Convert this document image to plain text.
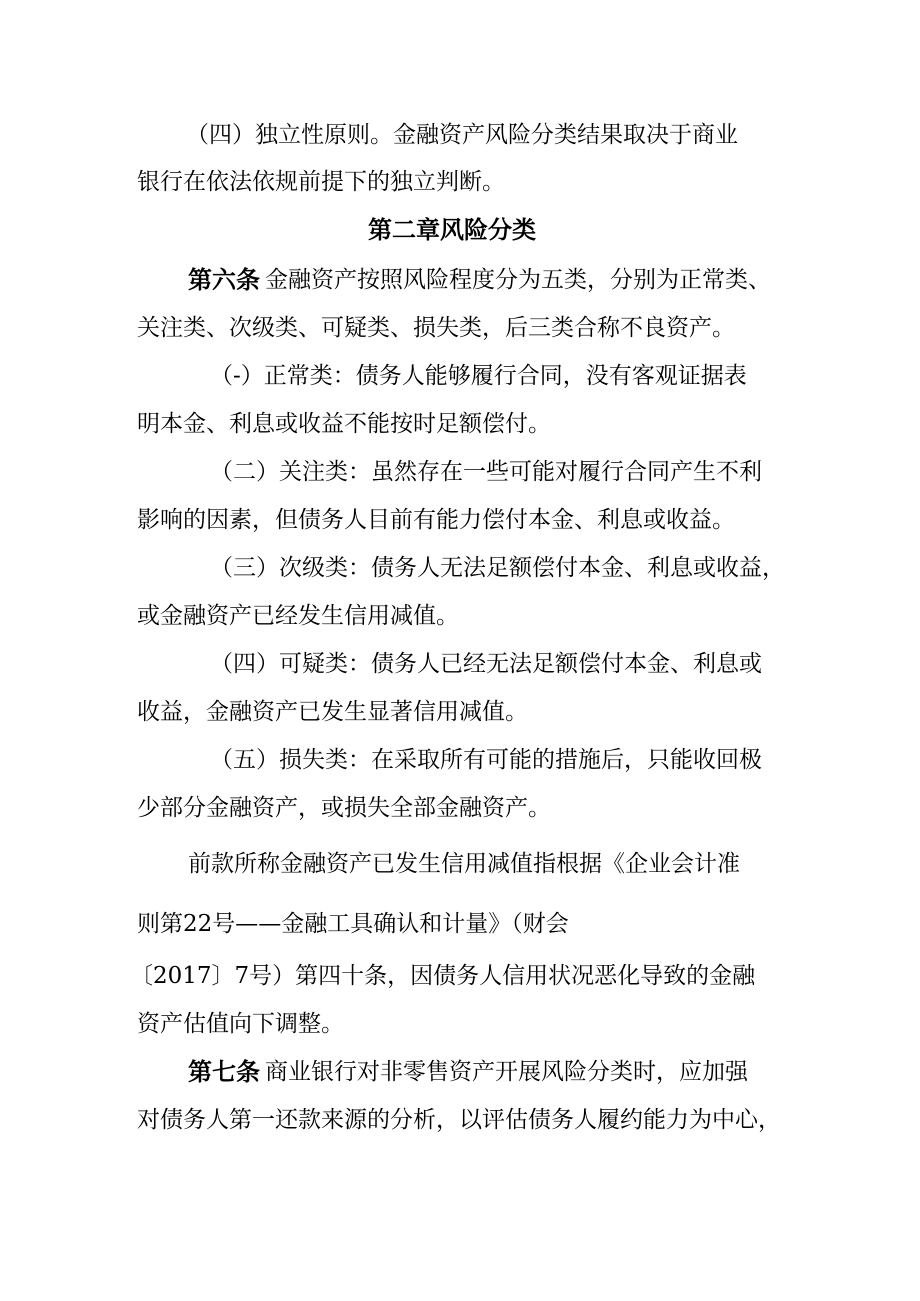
（四）独立性原则。金融资产风险分类结果取决于商业
银行在依法依规前提下的独立判断。
第二章风险分类
第六条 金融资产按照风险程度分为五类，分别为正常类、
关注类、次级类、可疑类、损失类，后三类合称不良资产。
（-）正常类：债务人能够履行合同，没有客观证据表
明本金、利息或收益不能按时足额偿付。
（二）关注类：虽然存在一些可能对履行合同产生不利
影响的因素，但债务人目前有能力偿付本金、利息或收益。
（三）次级类：债务人无法足额偿付本金、利息或收益，
或金融资产已经发生信用减值。
（四）可疑类：债务人已经无法足额偿付本金、利息或
收益，金融资产已发生显著信用减值。
（五）损失类：在采取所有可能的措施后，只能收回极
少部分金融资产，或损失全部金融资产。
前款所称金融资产已发生信用减值指根据《企业会计准
则第22号——金融工具确认和计量》（财会
〔2017〕7号）第四十条，因债务人信用状况恶化导致的金融
资产估值向下调整。
第七条 商业银行对非零售资产开展风险分类时，应加强
对债务人第一还款来源的分析，以评估债务人履约能力为中心，
